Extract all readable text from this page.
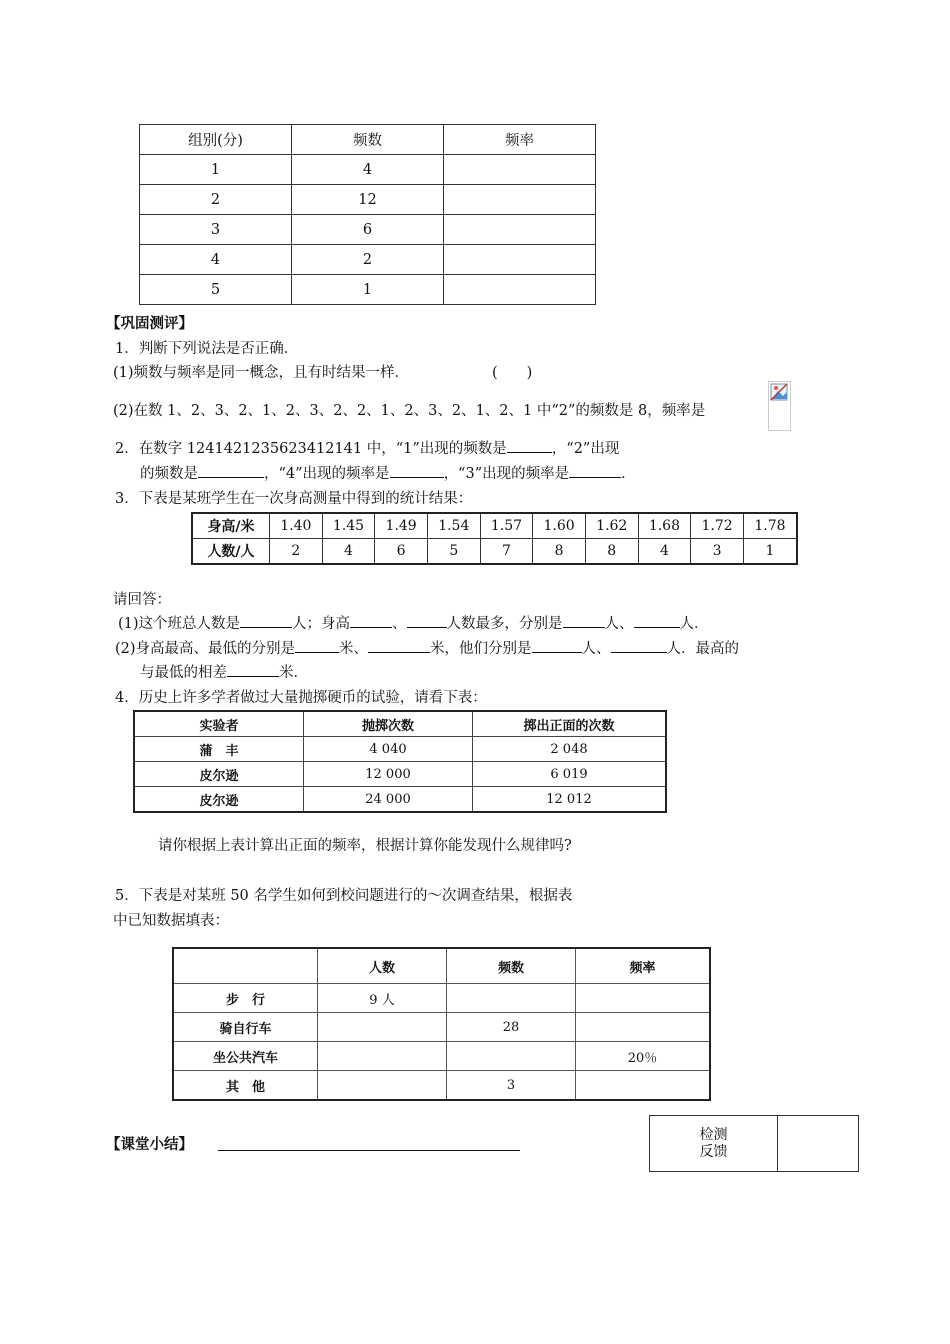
组别(分)	频数	频率
1	4	
2	12	
3	6	
4	2	
5	1	
【巩固测评】
1．判断下列说法是否正确．
(1)频数与频率是同一概念，且有时结果一样．	(　　)
(2)在数 1、2、3、2、1、2、3、2、2、1、2、3、2、1、2、1 中“2”的频数是 8，频率是
2．在数字 1241421235623412141 中，“1”出现的频数是	，“2”出现
的频数是	，“4”出现的频率是	，“3”出现的频率是	．
3．下表是某班学生在一次身高测量中得到的统计结果：
身高/米	1.40	1.45	1.49	1.54	1.57	1.60	1.62	1.68	1.72	1.78
人数/人	2	4	6	5	7	8	8	4	3	1
请回答：
(1)这个班总人数是	人；身高	、	人数最多，分别是	人、	人．
(2)身高最高、最低的分别是	米、	米，他们分别是	人、	人．最高的
与最低的相差	米．
4．历史上许多学者做过大量抛掷硬币的试验，请看下表：
实验者	抛掷次数	掷出正面的次数
蒲　丰	4 040	2 048
皮尔逊	12 000	6 019
皮尔逊	24 000	12 012
请你根据上表计算出正面的频率，根据计算你能发现什么规律吗?
5．下表是对某班 50 名学生如何到校问题进行的～次调查结果，根据表
中已知数据填表：
	人数	频数	频率
步　行	9 人		
骑自行车		28	
坐公共汽车			20％
其　他		3	
【课堂小结】
检测
反馈
